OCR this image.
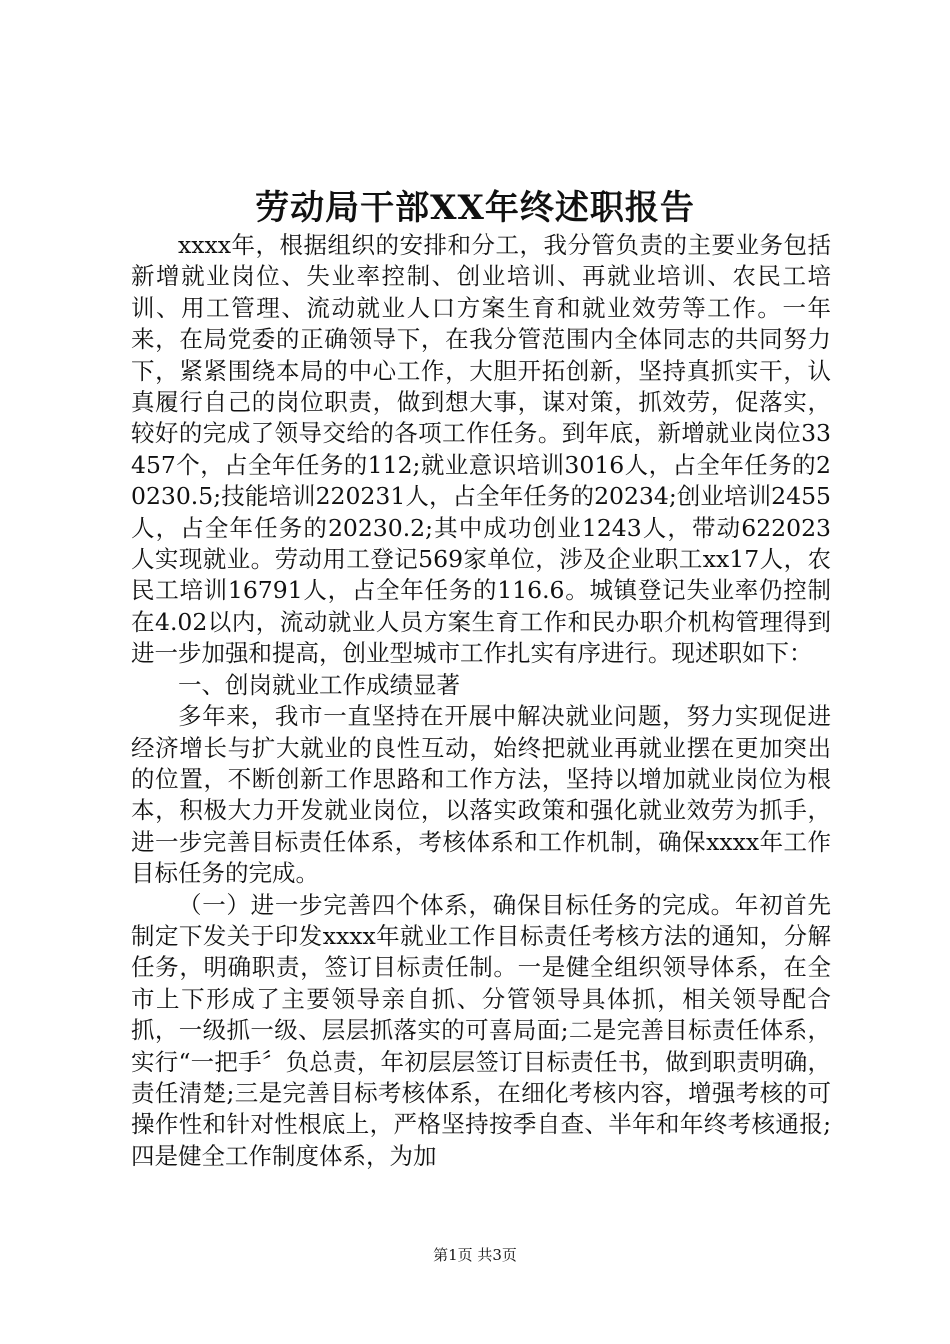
劳动局干部XX年终述职报告

xxxx年，根据组织的安排和分工，我分管负责的主要业务包括新增就业岗位、失业率控制、创业培训、再就业培训、农民工培训、用工管理、流动就业人口方案生育和就业效劳等工作。一年来，在局党委的正确领导下，在我分管范围内全体同志的共同努力下，紧紧围绕本局的中心工作，大胆开拓创新，坚持真抓实干，认真履行自己的岗位职责，做到想大事，谋对策，抓效劳，促落实，较好的完成了领导交给的各项工作任务。到年底，新增就业岗位33457个，占全年任务的112;就业意识培训3016人，占全年任务的20230.5;技能培训220231人，占全年任务的20234;创业培训2455人，占全年任务的20230.2;其中成功创业1243人，带动622023人实现就业。劳动用工登记569家单位，涉及企业职工xx17人，农民工培训16791人，占全年任务的116.6。城镇登记失业率仍控制在4.02以内，流动就业人员方案生育工作和民办职介机构管理得到进一步加强和提高，创业型城市工作扎实有序进行。现述职如下：

一、创岗就业工作成绩显著

多年来，我市一直坚持在开展中解决就业问题，努力实现促进经济增长与扩大就业的良性互动，始终把就业再就业摆在更加突出的位置，不断创新工作思路和工作方法，坚持以增加就业岗位为根本，积极大力开发就业岗位，以落实政策和强化就业效劳为抓手，进一步完善目标责任体系，考核体系和工作机制，确保xxxx年工作目标任务的完成。

（一）进一步完善四个体系，确保目标任务的完成。年初首先制定下发关于印发xxxx年就业工作目标责任考核方法的通知，分解任务，明确职责，签订目标责任制。一是健全组织领导体系，在全市上下形成了主要领导亲自抓、分管领导具体抓，相关领导配合抓，一级抓一级、层层抓落实的可喜局面;二是完善目标责任体系，实行“一把手〞负总责，年初层层签订目标责任书，做到职责明确，责任清楚;三是完善目标考核体系，在细化考核内容，增强考核的可操作性和针对性根底上，严格坚持按季自查、半年和年终考核通报;四是健全工作制度体系，为加

第1页 共3页
